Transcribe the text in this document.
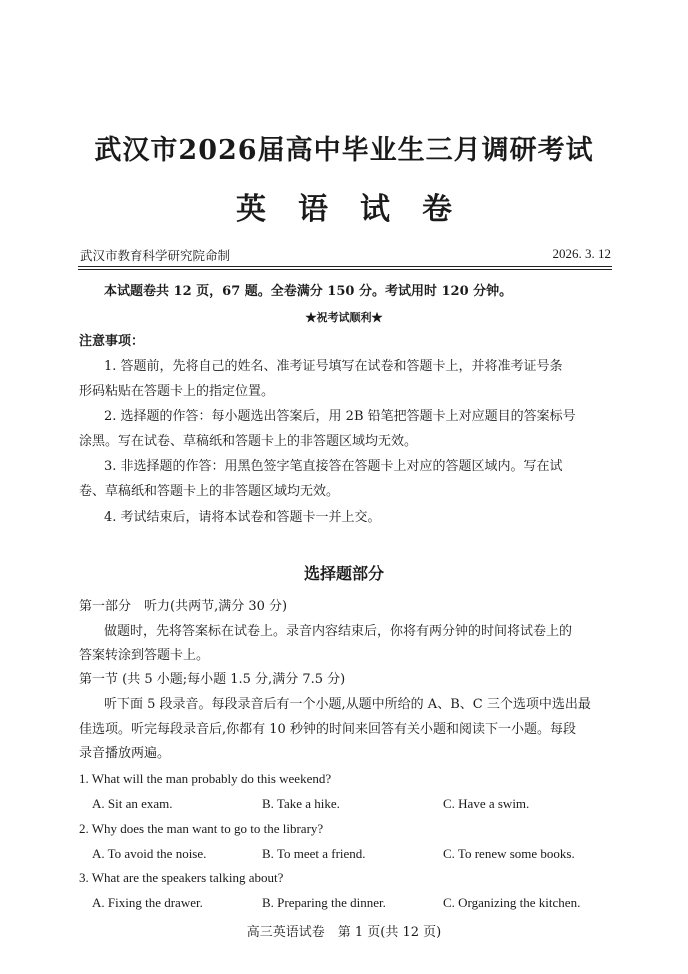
武汉市2026届高中毕业生三月调研考试
英 语 试 卷
武汉市教育科学研究院命制	2026. 3. 12
本试题卷共 12 页，67 题。全卷满分 150 分。考试用时 120 分钟。
★祝考试顺利★
注意事项：
1. 答题前，先将自己的姓名、准考证号填写在试卷和答题卡上，并将准考证号条
形码粘贴在答题卡上的指定位置。
2. 选择题的作答：每小题选出答案后，用 2B 铅笔把答题卡上对应题目的答案标号
涂黑。写在试卷、草稿纸和答题卡上的非答题区域均无效。
3. 非选择题的作答：用黑色签字笔直接答在答题卡上对应的答题区域内。写在试
卷、草稿纸和答题卡上的非答题区域均无效。
4. 考试结束后，请将本试卷和答题卡一并上交。
选择题部分
第一部分　听力(共两节,满分 30 分)
做题时，先将答案标在试卷上。录音内容结束后，你将有两分钟的时间将试卷上的
答案转涂到答题卡上。
第一节 (共 5 小题;每小题 1.5 分,满分 7.5 分)
听下面 5 段录音。每段录音后有一个小题,从题中所给的 A、B、C 三个选项中选出最
佳选项。听完每段录音后,你都有 10 秒钟的时间来回答有关小题和阅读下一小题。每段
录音播放两遍。
1. What will the man probably do this weekend?
A. Sit an exam.	B. Take a hike.	C. Have a swim.
2. Why does the man want to go to the library?
A. To avoid the noise.	B. To meet a friend.	C. To renew some books.
3. What are the speakers talking about?
A. Fixing the drawer.	B. Preparing the dinner.	C. Organizing the kitchen.
高三英语试卷　第 1 页(共 12 页)
